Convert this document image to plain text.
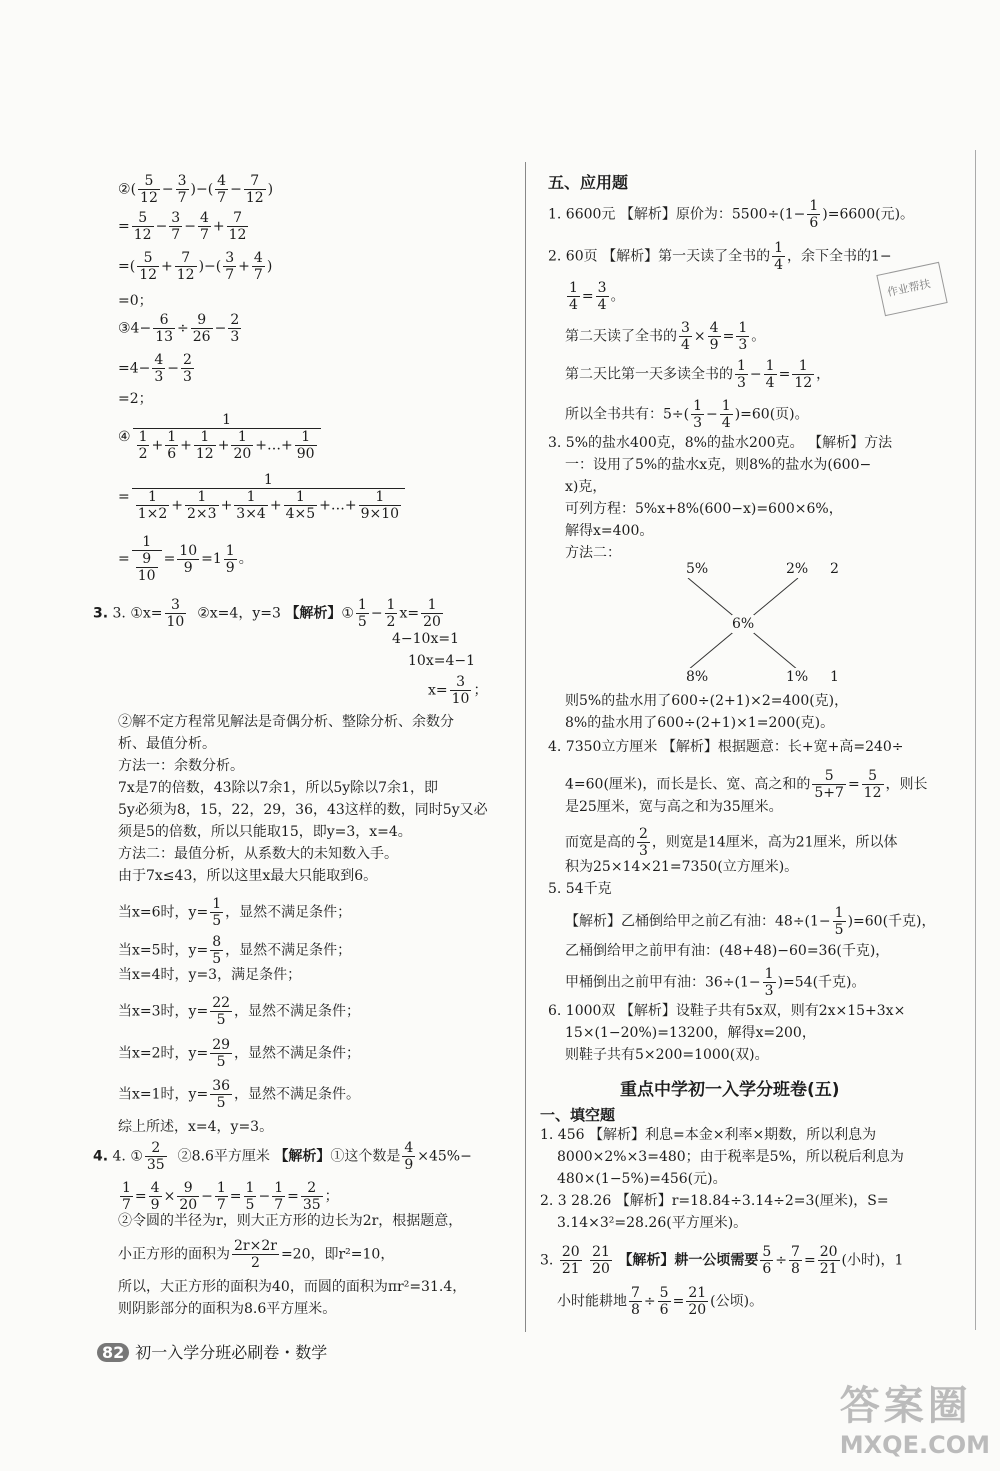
②( $\frac{5}{12} - \frac{3}{7}$ )−( $\frac{4}{7} - \frac{7}{12}$ )
= $\frac{5}{12} - \frac{3}{7} - \frac{4}{7} + \frac{7}{12}$
=( $\frac{5}{12} + \frac{7}{12}$ )−( $\frac{3}{7} + \frac{4}{7}$ )
=0；
③4− $\frac{6}{13} \div \frac{9}{26} - \frac{2}{3}$
$=4- \frac{4}{3} - \frac{2}{3}$
=2；
④ $\frac{1}{\frac{1}{2} + \frac{1}{6} + \frac{1}{12} + \frac{1}{20} +\dots+ \frac{1}{90}}$
= $\frac{1}{\frac{1}{1\times 2} + \frac{1}{2\times 3} + \frac{1}{3\times 4} + \frac{1}{4\times 5} +\dots+ \frac{1}{9\times 10}}$
= $\frac{1}{\frac{9}{10}} = \frac{10}{9} =1 \frac{1}{9}$ 。
3. 3. ①x= $\frac{3}{10}$ ②x=4，y=3 【解析】① $\frac{1}{5} - \frac{1}{2} x= \frac{1}{20}$
4−10x=1
10x=4−1
$x= \frac{3}{10}$ ；
②解不定方程常见解法是奇偶分析、整除分析、余数分
析、最值分析。
方法一：余数分析。
7x是7的倍数，43除以7余1，所以5y除以7余1，即
5y必须为8，15，22，29，36，43这样的数，同时5y又必
须是5的倍数，所以只能取15，即y=3，x=4。
方法二：最值分析，从系数大的未知数入手。
由于7x≤43，所以这里x最大只能取到6。
当x=6时，$y= \frac{1}{5}$ ，显然不满足条件；
当x=5时，$y= \frac{8}{5}$ ，显然不满足条件；
当x=4时，y=3，满足条件；
当x=3时，$y= \frac{22}{5}$ ，显然不满足条件；
当x=2时，$y= \frac{29}{5}$ ，显然不满足条件；
当x=1时，$y= \frac{36}{5}$ ，显然不满足条件。
综上所述，x=4，y=3。
4. 4. ① $\frac{2}{35}$ ②8.6平方厘米 【解析】①这个数是 $\frac{4}{9} \times 45\%-$
$\frac{1}{7} = \frac{4}{9} \times \frac{9}{20} - \frac{1}{7} = \frac{1}{5} - \frac{1}{7} = \frac{2}{35}$ ；
②令圆的半径为r，则大正方形的边长为2r，根据题意，
小正方形的面积为 $\frac{2r\times 2r}{2} =20$，即r²=10，
所以，大正方形的面积为40，而圆的面积为πr²=31.4，
则阴影部分的面积为8.6平方厘米。
五、应用题
1. 6600元 【解析】原价为：$5500\div(1- \frac{1}{6} )=6600$(元)。
2. 60页 【解析】第一天读了全书的 $\frac{1}{4}$ ，余下全书的1−
$\frac{1}{4} = \frac{3}{4}$ 。
第二天读了全书的 $\frac{3}{4} \times \frac{4}{9} = \frac{1}{3}$ 。
第二天比第一天多读全书的 $\frac{1}{3} - \frac{1}{4} = \frac{1}{12}$ ，
所以全书共有：$5\div( \frac{1}{3} - \frac{1}{4} )=60$(页)。
3. 5%的盐水400克，8%的盐水200克。 【解析】方法
一：设用了5%的盐水x克，则8%的盐水为(600−
x)克，
可列方程：5%x+8%(600−x)=600×6%，
解得x=400。
方法二：
5%	2% 2
6%
8%	1% 1
则5%的盐水用了600÷(2+1)×2=400(克)，
8%的盐水用了600÷(2+1)×1=200(克)。
4. 7350立方厘米 【解析】根据题意：长+宽+高=240÷
4=60(厘米)，而长是长、宽、高之和的 $\frac{5}{5+7} = \frac{5}{12}$ ，则长
是25厘米，宽与高之和为35厘米。
而宽是高的 $\frac{2}{3}$ ，则宽是14厘米，高为21厘米，所以体
积为25×14×21=7350(立方厘米)。
5. 54千克
【解析】乙桶倒给甲之前乙有油：$48\div(1- \frac{1}{5} )=60$(千克)，
乙桶倒给甲之前甲有油：(48+48)−60=36(千克)，
甲桶倒出之前甲有油：$36\div(1- \frac{1}{3} )=54$(千克)。
6. 1000双 【解析】设鞋子共有5x双，则有2x×15+3x×
15×(1−20%)=13200，解得x=200，
则鞋子共有5×200=1000(双)。
重点中学初一入学分班卷(五)
一、填空题
1. 456 【解析】利息=本金×利率×期数，所以利息为
8000×2%×3=480；由于税率是5%，所以税后利息为
480×(1−5%)=456(元)。
2. 3 28.26 【解析】r=18.84÷3.14÷2=3(厘米)，S=
3.14×3²=28.26(平方厘米)。
3. $\frac{20}{21}$
$\frac{21}{20}$ 【解析】耕一公顷需要 $\frac{5}{6} \div \frac{7}{8} = \frac{20}{21}$ (小时)，1
小时能耕地 $\frac{7}{8} \div \frac{5}{6} = \frac{21}{20}$ (公顷)。
作业帮扶
82 初一入学分班必刷卷・数学
答案圈
MXQE.COM
